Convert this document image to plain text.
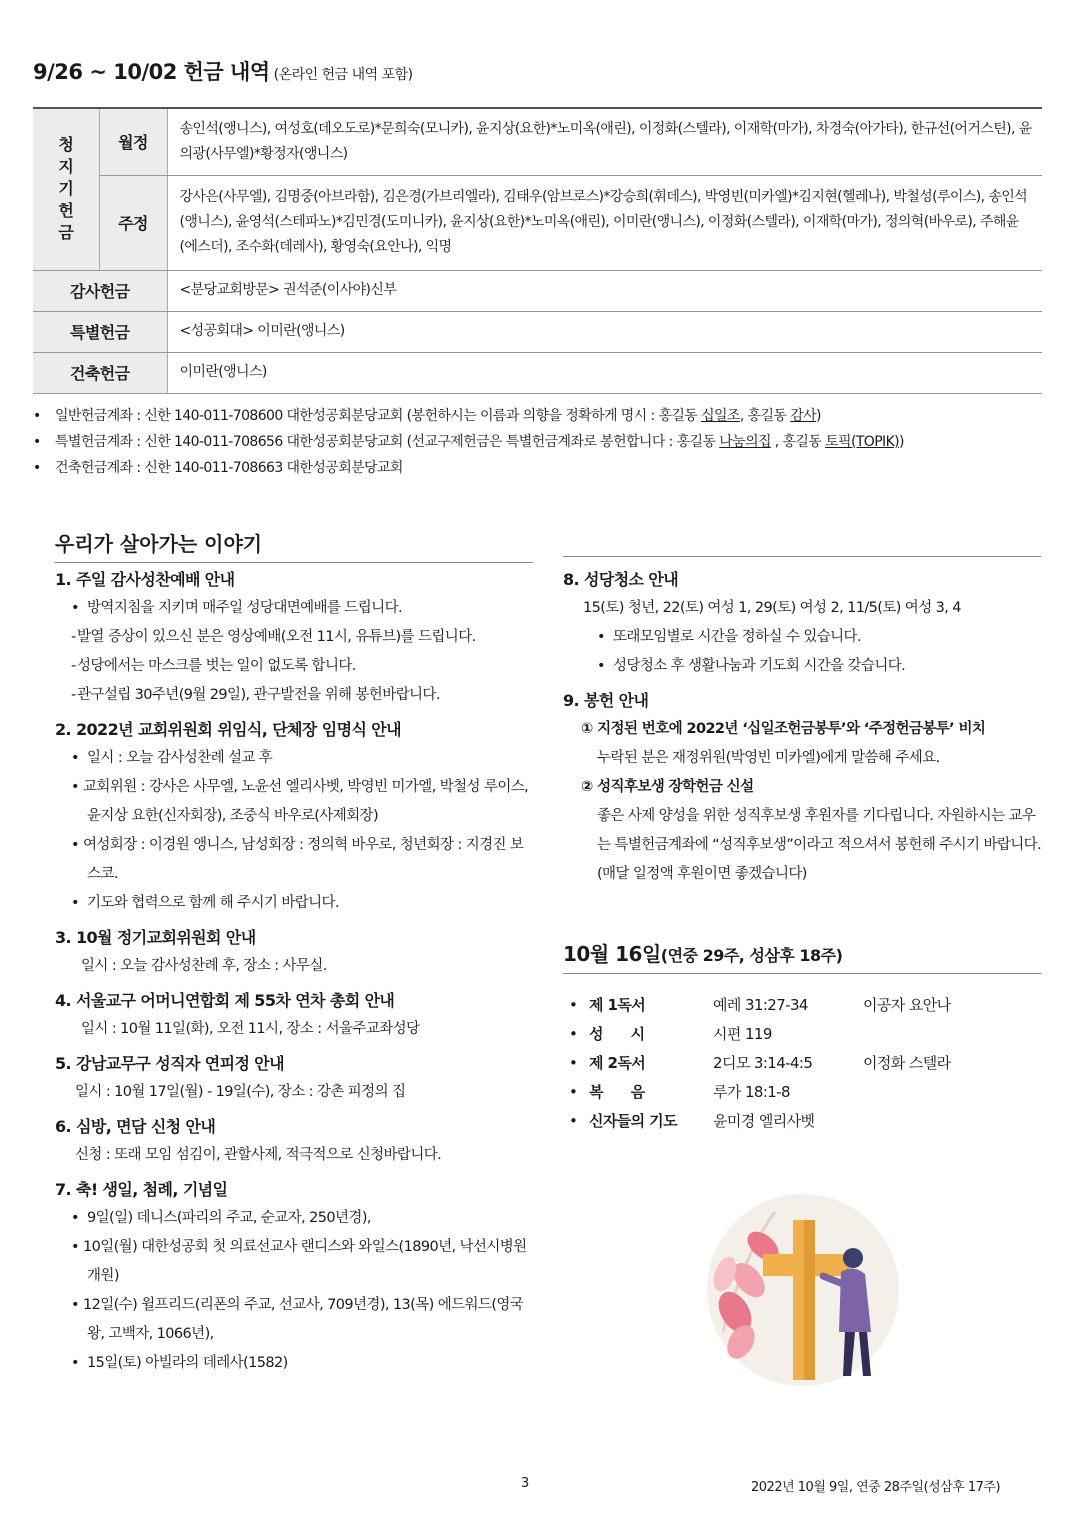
9/26 ~ 10/02 헌금 내역 (온라인 헌금 내역 포함)
청
지
기
헌
금	월정	송인석(앵니스), 여성호(데오도로)*문희숙(모니카), 윤지상(요한)*노미옥(애린), 이정화(스텔라), 이재학(마가), 차경숙(아가타), 한규선(어거스틴), 윤의광(사무엘)*황정자(앵니스)
	주정	강사은(사무엘), 김명중(아브라함), 김은경(가브리엘라), 김태우(암브로스)*강승희(휘데스), 박영빈(미카엘)*김지현(헬레나), 박철성(루이스), 송인석(앵니스), 윤영석(스테파노)*김민경(도미니카), 윤지상(요한)*노미옥(애린), 이미란(앵니스), 이정화(스텔라), 이재학(마가), 정의혁(바우로), 주해윤(에스더), 조수화(데레사), 황영숙(요안나), 익명
감사헌금		<분당교회방문> 권석준(이사야)신부
특별헌금		<성공회대> 이미란(앵니스)
건축헌금		이미란(앵니스)
• 일반헌금계좌 : 신한 140-011-708600 대한성공회분당교회 (봉헌하시는 이름과 의향을 정확하게 명시 : 홍길동 십일조, 홍길동 감사)
• 특별헌금계좌 : 신한 140-011-708656 대한성공회분당교회 (선교구제헌금은 특별헌금계좌로 봉헌합니다 : 홍길동 나눔의집 , 홍길동 토픽(TOPIK))
• 건축헌금계좌 : 신한 140-011-708663 대한성공회분당교회
우리가 살아가는 이야기
1. 주일 감사성찬예배 안내
• 방역지침을 지키며 매주일 성당대면예배를 드립니다.
- 발열 증상이 있으신 분은 영상예배(오전 11시, 유튜브)를 드립니다.
- 성당에서는 마스크를 벗는 일이 없도록 합니다.
- 관구설립 30주년(9월 29일), 관구발전을 위해 봉헌바랍니다.
2. 2022년 교회위원회 위임식, 단체장 임명식 안내
• 일시 : 오늘 감사성찬례 설교 후
• 교회위원 : 강사은 사무엘, 노윤선 엘리사벳, 박영빈 미가엘, 박철성 루이스, 윤지상 요한(신자회장), 조중식 바우로(사제회장)
• 여성회장 : 이경원 앵니스, 남성회장 : 정의혁 바우로, 청년회장 : 지경진 보스코.
• 기도와 협력으로 함께 해 주시기 바랍니다.
3. 10월 정기교회위원회 안내
일시 : 오늘 감사성찬례 후, 장소 : 사무실.
4. 서울교구 어머니연합회 제 55차 연차 총회 안내
일시 : 10월 11일(화), 오전 11시, 장소 : 서울주교좌성당
5. 강남교무구 성직자 연피정 안내
일시 : 10월 17일(월) - 19일(수), 장소 : 강촌 피정의 집
6. 심방, 면담 신청 안내
신청 : 또래 모임 섬김이, 관할사제, 적극적으로 신청바랍니다.
7. 축! 생일, 첨례, 기념일
• 9일(일) 데니스(파리의 주교, 순교자, 250년경),
• 10일(월) 대한성공회 첫 의료선교사 랜디스와 와일스(1890년, 낙선시병원개원)
• 12일(수) 윌프리드(리폰의 주교, 선교사, 709년경), 13(목) 에드워드(영국 왕, 고백자, 1066년),
• 15일(토) 아빌라의 데레사(1582)
8. 성당청소 안내
15(토) 청년, 22(토) 여성 1, 29(토) 여성 2, 11/5(토) 여성 3, 4
• 또래모임별로 시간을 정하실 수 있습니다.
• 성당청소 후 생활나눔과 기도회 시간을 갖습니다.
9. 봉헌 안내
① 지정된 번호에 2022년 ‘십일조헌금봉투’와 ‘주정헌금봉투’ 비치
누락된 분은 재정위원(박영빈 미카엘)에게 말씀해 주세요.
② 성직후보생 장학헌금 신설
좋은 사제 양성을 위한 성직후보생 후원자를 기다립니다. 자원하시는 교우는 특별헌금계좌에 “성직후보생”이라고 적으셔서 봉헌해 주시기 바랍니다. (매달 일정액 후원이면 좋겠습니다)
10월 16일(연중 29주, 성삼후 18주)
•	제 1독서	예레 31:27-34	이공자 요안나
•	성      시	시편 119	
•	제 2독서	2디모 3:14-4:5	이정화 스텔라
•	복      음	루가 18:1-8	
•	신자들의 기도	윤미경 엘리사벳	
3	2022년 10월 9일, 연중 28주일(성삼후 17주)
